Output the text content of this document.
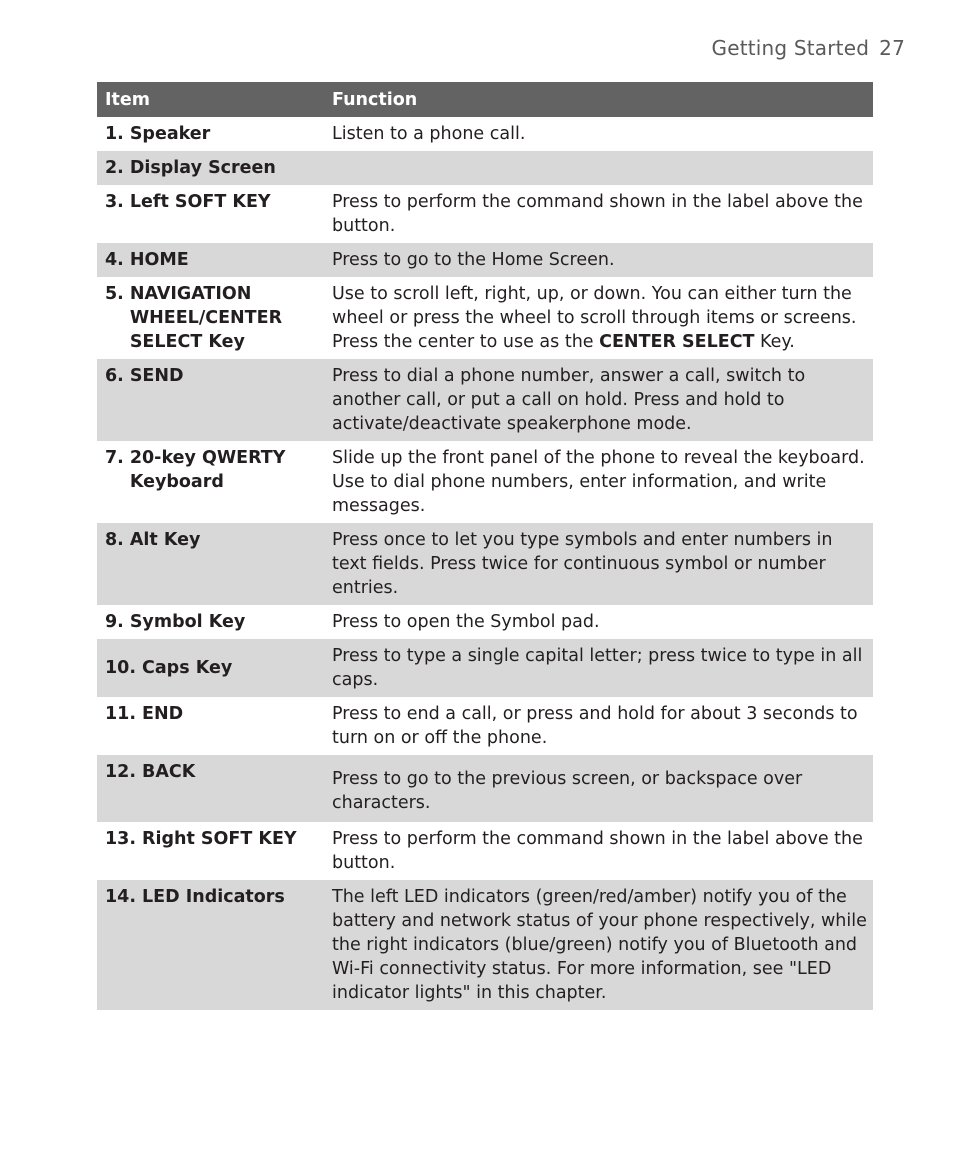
Getting Started 27
Item	Function

1. Speaker	Listen to a phone call.

2. Display Screen	

3. Left SOFT KEY	Press to perform the command shown in the label above the button.

4. HOME	Press to go to the Home Screen.

5. NAVIGATION WHEEL/CENTER SELECT Key	Use to scroll left, right, up, or down. You can either turn the wheel or press the wheel to scroll through items or screens. Press the center to use as the CENTER SELECT Key.

6. SEND	Press to dial a phone number, answer a call, switch to another call, or put a call on hold. Press and hold to activate/deactivate speakerphone mode.

7. 20-key QWERTY Keyboard	Slide up the front panel of the phone to reveal the keyboard. Use to dial phone numbers, enter information, and write messages.

8. Alt Key	Press once to let you type symbols and enter numbers in text fields. Press twice for continuous symbol or number entries.

9. Symbol Key	Press to open the Symbol pad.

10. Caps Key	Press to type a single capital letter; press twice to type in all caps.

11. END	Press to end a call, or press and hold for about 3 seconds to turn on or off the phone.

12. BACK	Press to go to the previous screen, or backspace over characters.

13. Right SOFT KEY	Press to perform the command shown in the label above the button.

14. LED Indicators	The left LED indicators (green/red/amber) notify you of the battery and network status of your phone respectively, while the right indicators (blue/green) notify you of Bluetooth and Wi-Fi connectivity status. For more information, see "LED indicator lights" in this chapter.
